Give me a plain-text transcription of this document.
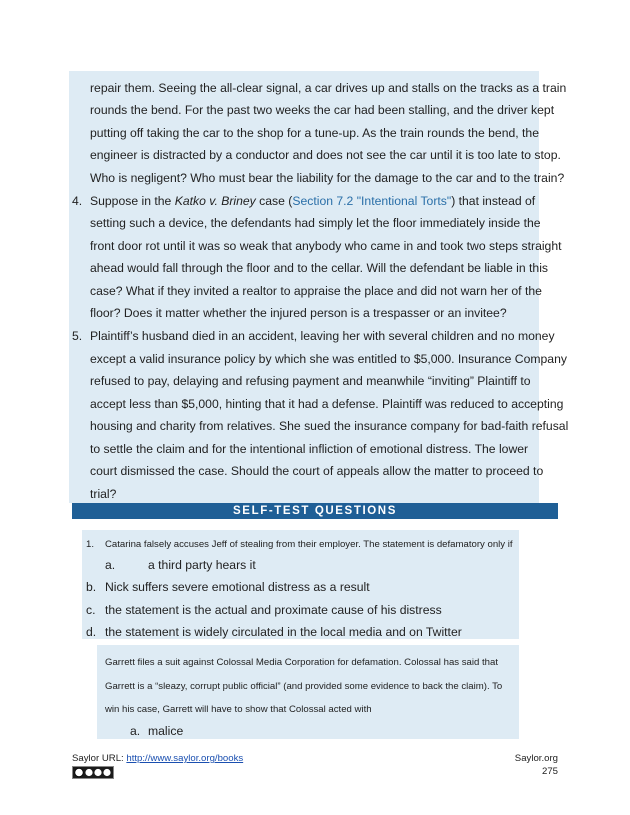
repair them. Seeing the all-clear signal, a car drives up and stalls on the tracks as a train
rounds the bend. For the past two weeks the car had been stalling, and the driver kept
putting off taking the car to the shop for a tune-up. As the train rounds the bend, the
engineer is distracted by a conductor and does not see the car until it is too late to stop.
Who is negligent? Who must bear the liability for the damage to the car and to the train?
4. Suppose in the Katko v. Briney case (Section 7.2 "Intentional Torts") that instead of
setting such a device, the defendants had simply let the floor immediately inside the
front door rot until it was so weak that anybody who came in and took two steps straight
ahead would fall through the floor and to the cellar. Will the defendant be liable in this
case? What if they invited a realtor to appraise the place and did not warn her of the
floor? Does it matter whether the injured person is a trespasser or an invitee?
5. Plaintiff’s husband died in an accident, leaving her with several children and no money
except a valid insurance policy by which she was entitled to $5,000. Insurance Company
refused to pay, delaying and refusing payment and meanwhile “inviting” Plaintiff to
accept less than $5,000, hinting that it had a defense. Plaintiff was reduced to accepting
housing and charity from relatives. She sued the insurance company for bad-faith refusal
to settle the claim and for the intentional infliction of emotional distress. The lower
court dismissed the case. Should the court of appeals allow the matter to proceed to
trial?
SELF-TEST QUESTIONS
1. Catarina falsely accuses Jeff of stealing from their employer. The statement is defamatory only if
a.	a third party hears it
b. Nick suffers severe emotional distress as a result
c. the statement is the actual and proximate cause of his distress
d. the statement is widely circulated in the local media and on Twitter
Garrett files a suit against Colossal Media Corporation for defamation. Colossal has said that
Garrett is a “sleazy, corrupt public official” (and provided some evidence to back the claim). To
win his case, Garrett will have to show that Colossal acted with
a. malice
Saylor URL: http://www.saylor.org/books	Saylor.org
275
